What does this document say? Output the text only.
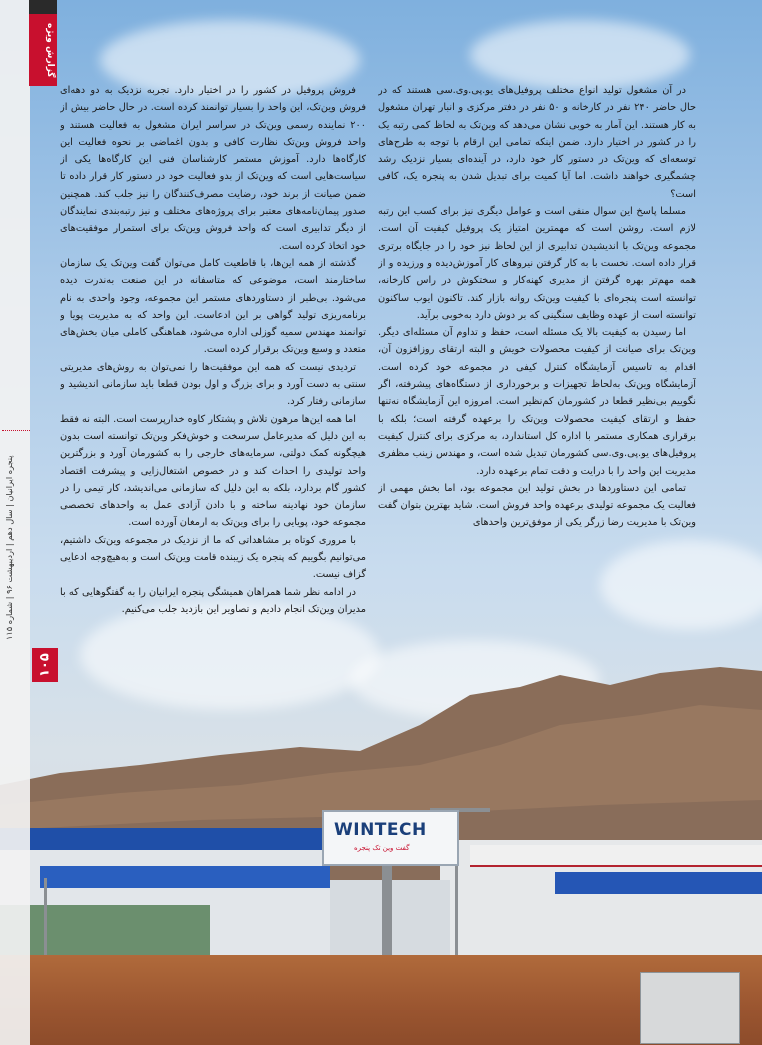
WINTECH
گفت وین تک پنجره
گزارش ویژه
پنجره ایرانیان | سال دهم | اردیبهشت ۹۶ | شماره ۱۱۵
۱۰۵

در آن مشغول تولید انواع مختلف پروفیل‌های یو.پی.وی.سی هستند که در حال حاضر ۲۴۰ نفر در کارخانه و ۵۰ نفر در دفتر مرکزی و انبار تهران مشغول به کار هستند. این آمار به خوبی نشان می‌دهد که وین‌تک به لحاظ کمی رتبه یک را در کشور در اختیار دارد. ضمن اینکه تمامی این ارقام با توجه به طرح‌های توسعه‌ای که وین‌تک در دستور کار خود دارد، در آینده‌ای بسیار نزدیک رشد چشمگیری خواهند داشت. اما آیا کمیت برای تبدیل شدن به پنجره یک، کافی است؟

مسلما پاسخ این سوال منفی است و عوامل دیگری نیز برای کسب این رتبه لازم است. روشن است که مهمترین امتیاز یک پروفیل کیفیت آن است. مجموعه وین‌تک با اندیشیدن تدابیری از این لحاظ نیز خود را در جایگاه برتری قرار داده است. نخست با به کار گرفتن نیروهای کار آموزش‌دیده و ورزیده و از همه مهم‌تر بهره گرفتن از مدیری کهنه‌کار و سختکوش در راس کارخانه، توانسته است پنجره‌ای با کیفیت وین‌تک روانه بازار کند. تاکنون ایوب ساکنون توانسته است از عهده وظایف سنگینی که بر دوش دارد به‌خوبی برآید.

اما رسیدن به کیفیت بالا یک مسئله است، حفظ و تداوم آن مسئله‌ای دیگر. وین‌تک برای صیانت از کیفیت محصولات خویش و البته ارتقای روزافزون آن، اقدام به تاسیس آزمایشگاه کنترل کیفی در مجموعه خود کرده است. آزمایشگاه وین‌تک به‌لحاظ تجهیزات و برخورداری از دستگاه‌های پیشرفته، اگر نگوییم بی‌نظیر قطعا در کشورمان کم‌نظیر است. امروزه این آزمایشگاه نه‌تنها حفظ و ارتقای کیفیت محصولات وین‌تک را برعهده گرفته است؛ بلکه با برقراری همکاری مستمر با اداره کل استاندارد، به مرکزی برای کنترل کیفیت پروفیل‌های یو.پی.وی.سی کشورمان تبدیل شده است، و مهندس زینب مظفری مدیریت این واحد را با درایت و دقت تمام برعهده دارد.

تمامی این دستاوردها در بخش تولید این مجموعه بود، اما بخش مهمی از فعالیت یک مجموعه تولیدی برعهده واحد فروش است. شاید بهترین بتوان گفت وین‌تک با مدیریت رضا زرگر یکی از موفق‌ترین واحدهای

فروش پروفیل در کشور را در اختیار دارد. تجربه نزدیک به دو دهه‌ای فروش وین‌تک، این واحد را بسیار توانمند کرده است. در حال حاضر بیش از ۲۰۰ نماینده رسمی وین‌تک در سراسر ایران مشغول به فعالیت هستند و واحد فروش وین‌تک نظارت کافی و بدون اغماضی بر نحوه فعالیت این کارگاه‌ها دارد. آموزش مستمر کارشناسان فنی این کارگاه‌ها یکی از سیاست‌هایی است که وین‌تک از بدو فعالیت خود در دستور کار قرار داده تا ضمن صیانت از برند خود، رضایت مصرف‌کنندگان را نیز جلب کند. همچنین صدور پیمان‌نامه‌های معتبر برای پروژه‌های مختلف و نیز رتبه‌بندی نمایندگان از دیگر تدابیری است که واحد فروش وین‌تک برای استمرار موفقیت‌های خود اتخاذ کرده است.

گذشته از همه این‌ها، با قاطعیت کامل می‌توان گفت وین‌تک یک سازمان ساختارمند است، موضوعی که متاسفانه در این صنعت به‌ندرت دیده می‌شود. بی‌طبر از دستاوردهای مستمر این مجموعه، وجود واحدی به نام برنامه‌ریزی تولید گواهی بر این ادعاست. این واحد که به مدیریت پویا و توانمند مهندس سمیه گوزلی اداره می‌شود، هماهنگی کاملی میان بخش‌های متعدد و وسیع وین‌تک برقرار کرده است.

تردیدی نیست که همه این موفقیت‌ها را نمی‌توان به روش‌های مدیریتی سنتی به دست آورد و برای بزرگ و اول بودن قطعا باید سازمانی اندیشید و سازمانی رفتار کرد.

اما همه این‌ها مرهون تلاش و پشتکار کاوه خدارپرست است. البته نه فقط به این دلیل که مدیرعامل سرسخت و خوش‌فکر وین‌تک توانسته است بدون هیچگونه کمک دولتی، سرمایه‌های خارجی را به کشورمان آورد و بزرگترین واحد تولیدی را احداث کند و در خصوص اشتغال‌زایی و پیشرفت اقتصاد کشور گام بردارد، بلکه به این دلیل که سازمانی می‌اندیشد، کار تیمی را در سازمان خود نهادینه ساخته و با دادن آزادی عمل به واحدهای تخصصی مجموعه خود، پویایی را برای وین‌تک به ارمغان آورده است.

با مروری کوتاه بر مشاهداتی که ما از نزدیک در مجموعه وین‌تک داشتیم، می‌توانیم بگوییم که پنجره یک زیبنده قامت وین‌تک است و به‌هیچ‌وجه ادعایی گزاف نیست.

در ادامه نظر شما همراهان همیشگی پنجره ایرانیان را به گفتگوهایی که با مدیران وین‌تک انجام دادیم و تصاویر این بازدید جلب می‌کنیم.
